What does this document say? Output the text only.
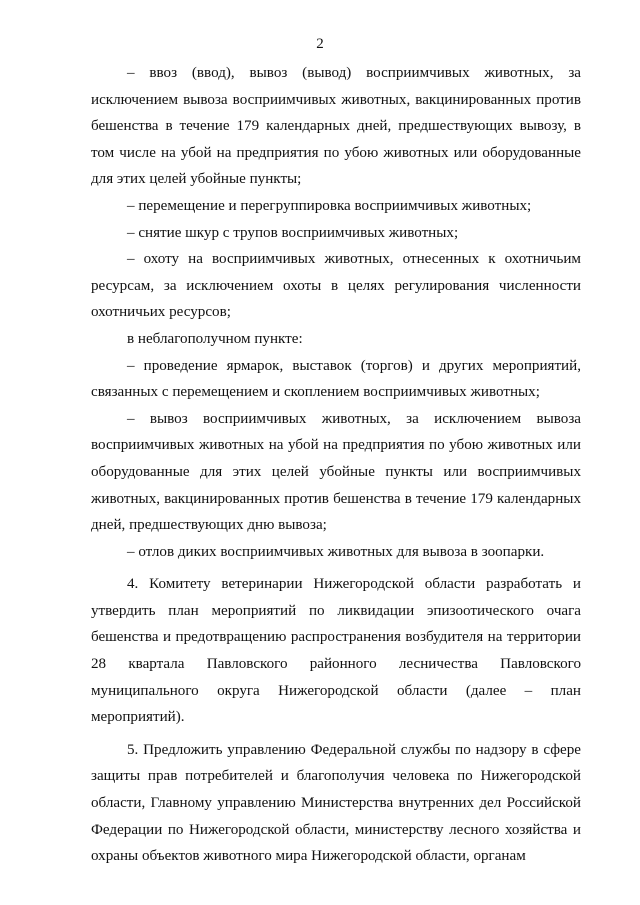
2

– ввоз (ввод), вывоз (вывод) восприимчивых животных, за исключением вывоза восприимчивых животных, вакцинированных против бешенства в течение 179 календарных дней, предшествующих вывозу, в том числе на убой на предприятия по убою животных или оборудованные для этих целей убойные пункты;

– перемещение и перегруппировка восприимчивых животных;

– снятие шкур с трупов восприимчивых животных;

– охоту на восприимчивых животных, отнесенных к охотничьим ресурсам, за исключением охоты в целях регулирования численности охотничьих ресурсов;

в неблагополучном пункте:

– проведение ярмарок, выставок (торгов) и других мероприятий, связанных с перемещением и скоплением восприимчивых животных;

– вывоз восприимчивых животных, за исключением вывоза восприимчивых животных на убой на предприятия по убою животных или оборудованные для этих целей убойные пункты или восприимчивых животных, вакцинированных против бешенства в течение 179 календарных дней, предшествующих дню вывоза;

– отлов диких восприимчивых животных для вывоза в зоопарки.

4. Комитету ветеринарии Нижегородской области разработать и утвердить план мероприятий по ликвидации эпизоотического очага бешенства и предотвращению распространения возбудителя на территории 28 квартала Павловского районного лесничества Павловского муниципального округа Нижегородской области (далее – план мероприятий).

5. Предложить управлению Федеральной службы по надзору в сфере защиты прав потребителей и благополучия человека по Нижегородской области, Главному управлению Министерства внутренних дел Российской Федерации по Нижегородской области, министерству лесного хозяйства и охраны объектов животного мира Нижегородской области, органам
